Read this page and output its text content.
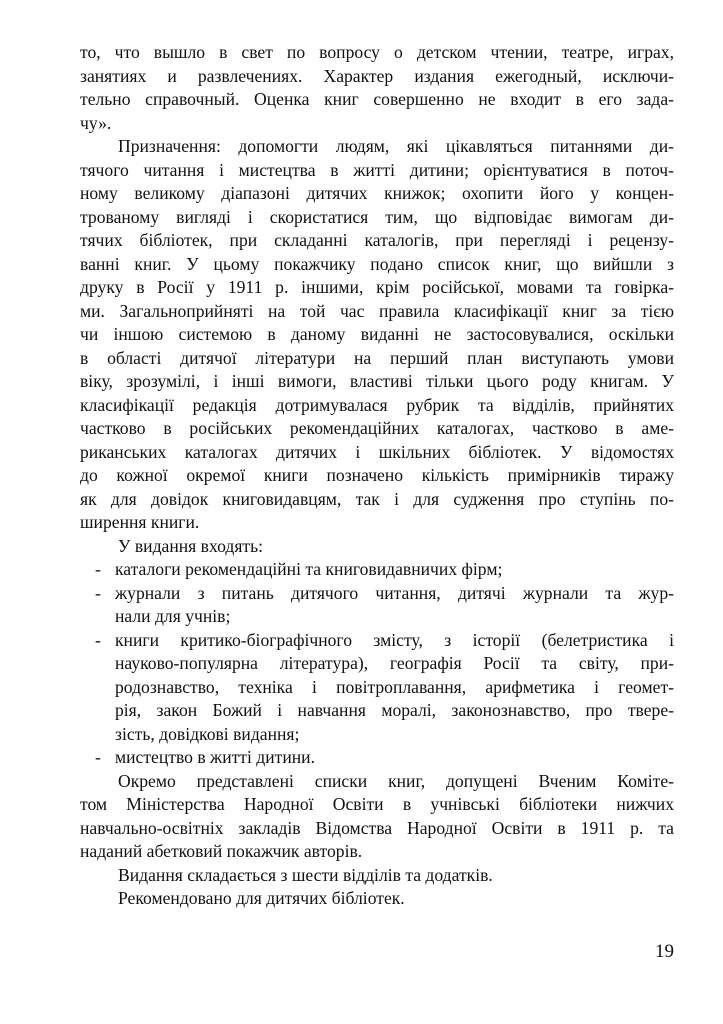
то, что вышло в свет по вопросу о детском чтении, театре, играх,
занятиях и развлечениях. Характер издания ежегодный, исключи-
тельно справочный. Оценка книг совершенно не входит в его зада-
чу».
Призначення: допомогти людям, які цікавляться питаннями ди-
тячого читання і мистецтва в житті дитини; орієнтуватися в поточ-
ному великому діапазоні дитячих книжок; охопити його у концен-
трованому вигляді і скористатися тим, що відповідає вимогам ди-
тячих бібліотек, при складанні каталогів, при перегляді і рецензу-
ванні книг. У цьому покажчику подано список книг, що вийшли з
друку в Росії у 1911 р. іншими, крім російської, мовами та говірка-
ми. Загальноприйняті на той час правила класифікації книг за тією
чи іншою системою в даному виданні не застосовувалися, оскільки
в області дитячої літератури на перший план виступають умови
віку, зрозумілі, і інші вимоги, властиві тільки цього роду книгам. У
класифікації редакція дотримувалася рубрик та відділів, прийнятих
частково в російських рекомендаційних каталогах, частково в аме-
риканських каталогах дитячих і шкільних бібліотек. У відомостях
до кожної окремої книги позначено кількість примірників тиражу
як для довідок книговидавцям, так і для судження про ступінь по-
ширення книги.
У видання входять:
- каталоги рекомендаційні та книговидавничих фірм;
- журнали з питань дитячого читання, дитячі журнали та жур-
нали для учнів;
- книги критико-біографічного змісту, з історії (белетристика і
науково-популярна література), географія Росії та світу, при-
родознавство, техніка і повітроплавання, арифметика і геомет-
рія, закон Божий і навчання моралі, законознавство, про твере-
зість, довідкові видання;
- мистецтво в житті дитини.
Окремо представлені списки книг, допущені Вченим Коміте-
том Міністерства Народної Освіти в учнівські бібліотеки нижчих
навчально-освітніх закладів Відомства Народної Освіти в 1911 р. та
наданий абетковий покажчик авторів.
Видання складається з шести відділів та додатків.
Рекомендовано для дитячих бібліотек.
19
